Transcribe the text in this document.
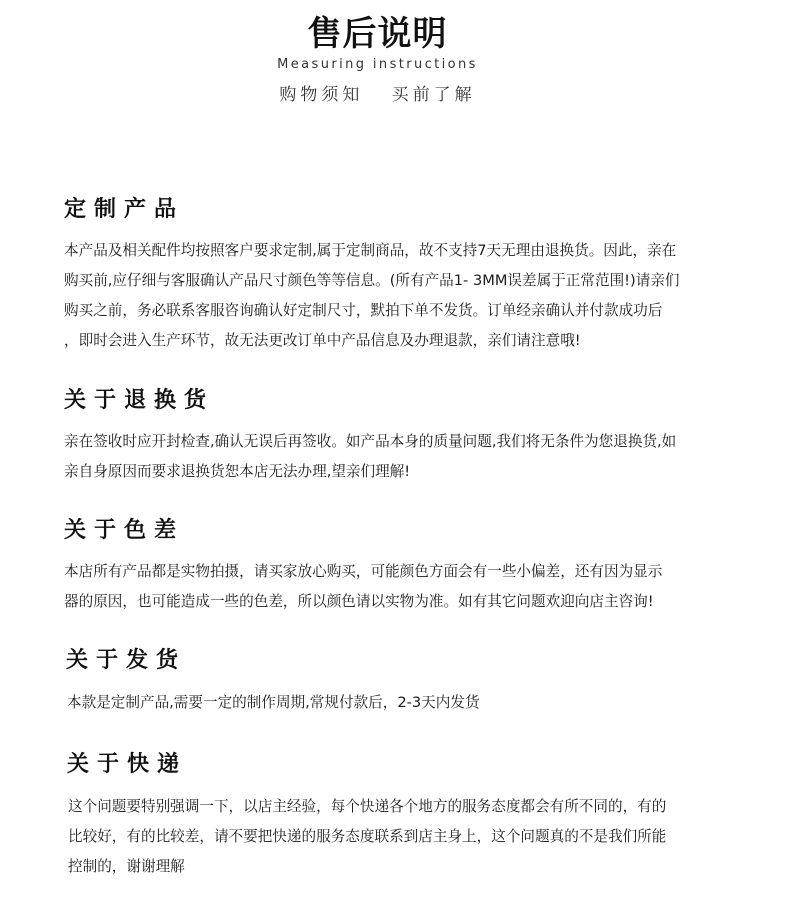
售后说明
Measuring instructions
购物须知   买前了解
定制产品
本产品及相关配件均按照客户要求定制,属于定制商品，故不支持7天无理由退换货。因此，亲在
购买前,应仔细与客服确认产品尺寸颜色等等信息。(所有产品1- 3MM误差属于正常范围!)请亲们
购买之前，务必联系客服咨询确认好定制尺寸，默拍下单不发货。订单经亲确认并付款成功后
，即时会进入生产环节，故无法更改订单中产品信息及办理退款，亲们请注意哦!
关于退换货
亲在签收时应开封检查,确认无误后再签收。如产品本身的质量问题,我们将无条件为您退换货,如
亲自身原因而要求退换货恕本店无法办理,望亲们理解!
关于色差
本店所有产品都是实物拍摄，请买家放心购买，可能颜色方面会有一些小偏差，还有因为显示
器的原因，也可能造成一些的色差，所以颜色请以实物为准。如有其它问题欢迎向店主咨询!
关于发货
本款是定制产品,需要一定的制作周期,常规付款后，2-3天内发货
关于快递
这个问题要特别强调一下，以店主经验，每个快递各个地方的服务态度都会有所不同的，有的
比较好，有的比较差，请不要把快递的服务态度联系到店主身上，这个问题真的不是我们所能
控制的，谢谢理解
